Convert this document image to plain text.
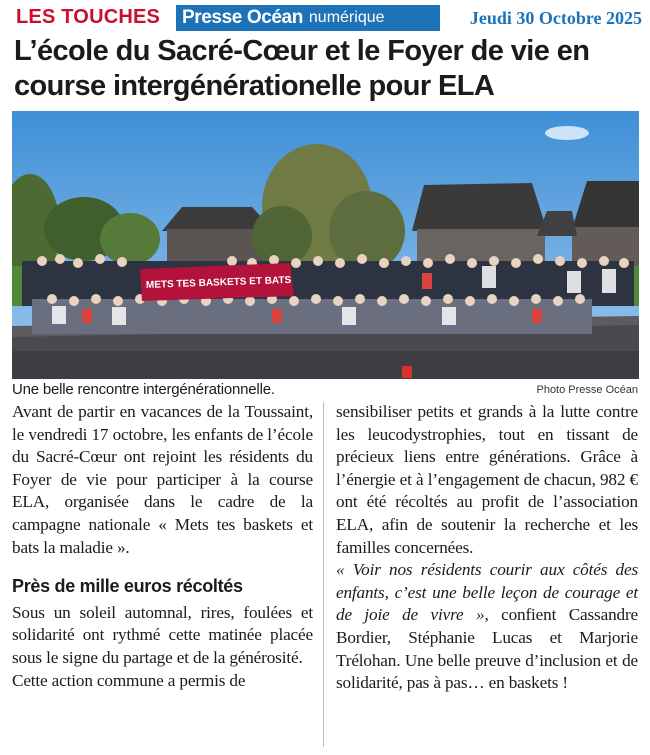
LES TOUCHES Presse Océan numérique	Jeudi 30 Octobre 2025
L’école du Sacré-Cœur et le Foyer de vie en course intergénérationelle pour ELA
METS TES BASKETS ET BATS
Une belle rencontre intergénérationnelle.	Photo Presse Océan

Avant de partir en vacances de la Toussaint, le vendredi 17 octobre, les enfants de l’école du Sacré-Cœur ont rejoint les résidents du Foyer de vie pour participer à la course ELA, organisée dans le cadre de la campagne nationale « Mets tes baskets et bats la maladie ».

Près de mille euros récoltés

Sous un soleil automnal, rires, foulées et solidarité ont rythmé cette matinée placée sous le signe du partage et de la générosité.

Cette action commune a permis de

sensibiliser petits et grands à la lutte contre les leucodystrophies, tout en tissant de précieux liens entre générations. Grâce à l’énergie et à l’engagement de chacun, 982 € ont été récoltés au profit de l’association ELA, afin de soutenir la recherche et les familles concernées.

« Voir nos résidents courir aux côtés des enfants, c’est une belle leçon de courage et de joie de vivre », confient Cassandre Bordier, Stéphanie Lucas et Marjorie Trélohan. Une belle preuve d’inclusion et de solidarité, pas à pas… en baskets !
